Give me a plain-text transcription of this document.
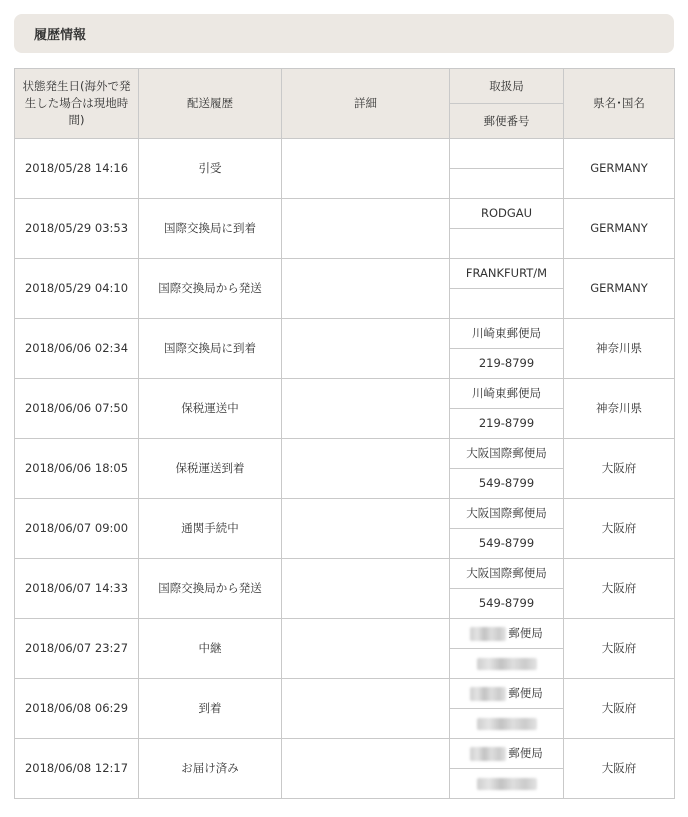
履歴情報
状態発生日(海外で発生した場合は現地時間)	配送履歴	詳細	取扱局	県名･国名
			郵便番号	
2018/05/28 14:16	引受			GERMANY

2018/05/29 03:53	国際交換局に到着		RODGAU	GERMANY

2018/05/29 04:10	国際交換局から発送		FRANKFURT/M	GERMANY

2018/06/06 02:34	国際交換局に到着		川崎東郵便局	神奈川県
			219-8799	
2018/06/06 07:50	保税運送中		川崎東郵便局	神奈川県
			219-8799	
2018/06/06 18:05	保税運送到着		大阪国際郵便局	大阪府
			549-8799	
2018/06/07 09:00	通関手続中		大阪国際郵便局	大阪府
			549-8799	
2018/06/07 14:33	国際交換局から発送		大阪国際郵便局	大阪府
			549-8799	
2018/06/07 23:27	中継		郵便局	大阪府

2018/06/08 06:29	到着		郵便局	大阪府

2018/06/08 12:17	お届け済み		郵便局	大阪府
